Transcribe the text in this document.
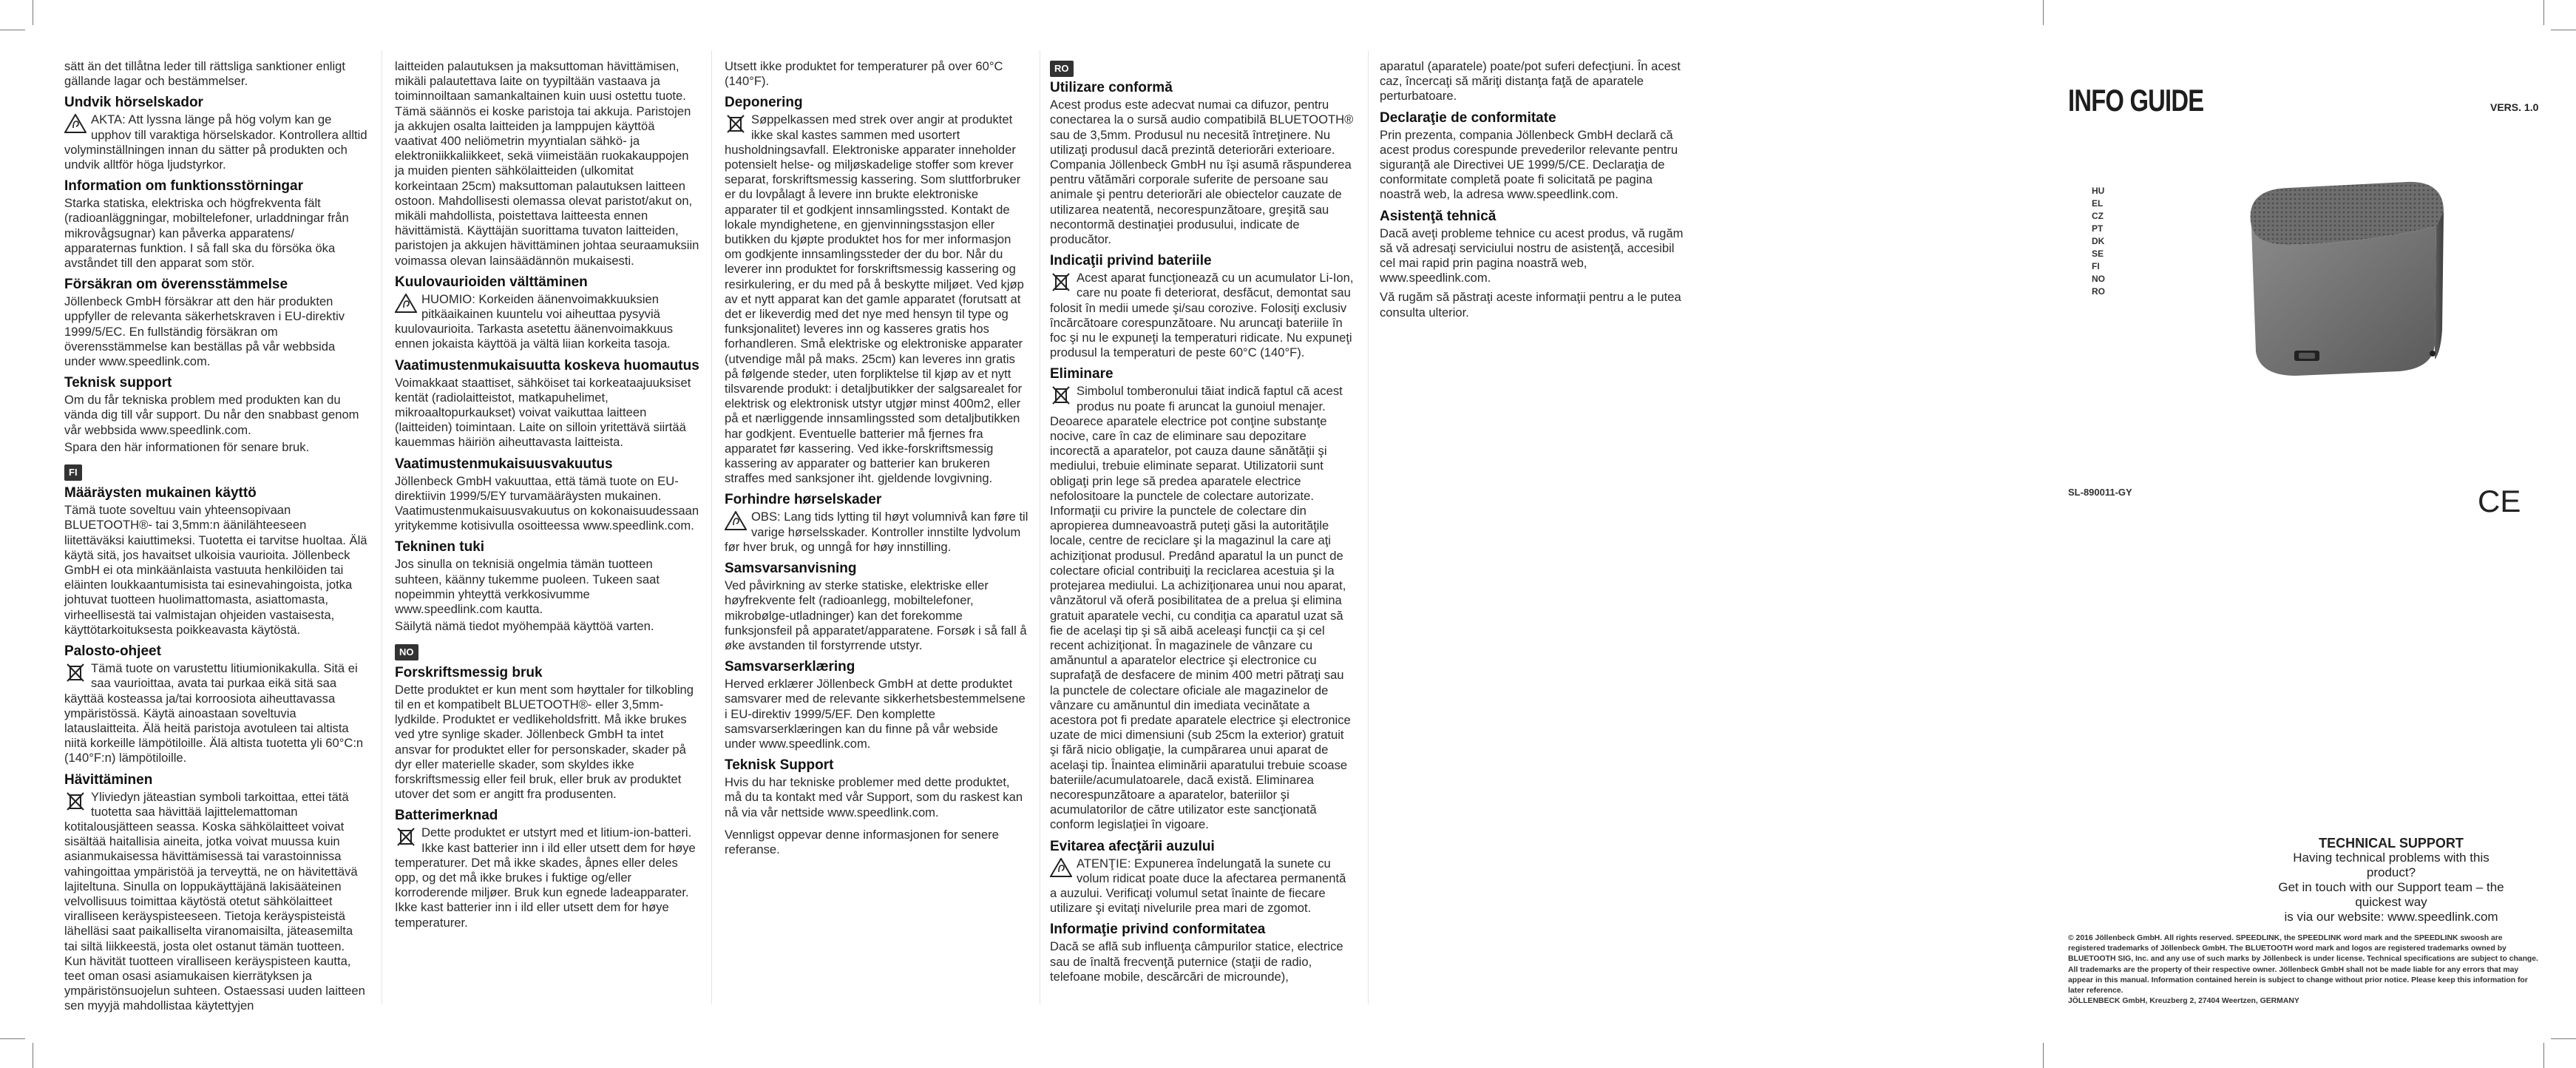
sätt än det tillåtna leder till rättsliga sanktioner enligt gällande lagar och bestämmelser.

Undvik hörselskador

AKTA: Att lyssna länge på hög volym kan ge upphov till varaktiga hörselskador. Kontrollera alltid volyminställningen innan du sätter på produkten och undvik alltför höga ljudstyrkor.

Information om funktionsstörningar

Starka statiska, elektriska och högfrekventa fält (radioanläggningar, mobiltelefoner, urladdningar från mikrovågsugnar) kan påverka apparatens/ apparaternas funktion. I så fall ska du försöka öka avståndet till den apparat som stör.

Försäkran om överensstämmelse

Jöllenbeck GmbH försäkrar att den här produkten uppfyller de relevanta säkerhetskraven i EU-direktiv 1999/5/EC. En fullständig försäkran om överensstämmelse kan beställas på vår webbsida under www.speedlink.com.

Teknisk support

Om du får tekniska problem med produkten kan du vända dig till vår support. Du når den snabbast genom vår webbsida www.speedlink.com.

Spara den här informationen för senare bruk.

FI
Määräysten mukainen käyttö

Tämä tuote soveltuu vain yhteensopivaan BLUETOOTH®- tai 3,5mm:n äänilähteeseen liitettäväksi kaiuttimeksi. Tuotetta ei tarvitse huoltaa. Älä käytä sitä, jos havaitset ulkoisia vaurioita. Jöllenbeck GmbH ei ota minkäänlaista vastuuta henkilöiden tai eläinten loukkaantumisista tai esinevahingoista, jotka johtuvat tuotteen huolimattomasta, asiattomasta, virheellisestä tai valmistajan ohjeiden vastaisesta, käyttötarkoituksesta poikkeavasta käytöstä.

Palosto-ohjeet

Tämä tuote on varustettu litiumionikakulla. Sitä ei saa vaurioittaa, avata tai purkaa eikä sitä saa käyttää kosteassa ja/tai korroosiota aiheuttavassa ympäristössä. Käytä ainoastaan soveltuvia latauslaitteita. Älä heitä paristoja avotuleen tai altista niitä korkeille lämpötiloille. Älä altista tuotetta yli 60°C:n (140°F:n) lämpötiloille.

Hävittäminen

Yliviedyn jäteastian symboli tarkoittaa, ettei tätä tuotetta saa hävittää lajittelemattoman kotitalousjätteen seassa. Koska sähkölaitteet voivat sisältää haitallisia aineita, jotka voivat muussa kuin asianmukaisessa hävittämisessä tai varastoinnissa vahingoittaa ympäristöä ja terveyttä, ne on hävitettävä lajiteltuna. Sinulla on loppukäyttäjänä lakisääteinen velvollisuus toimittaa käytöstä otetut sähkölaitteet viralliseen keräyspisteeseen. Tietoja keräyspisteistä lähelläsi saat paikalliselta viranomaisilta, jäteasemilta tai siltä liikkeestä, josta olet ostanut tämän tuotteen. Kun hävität tuotteen viralliseen keräyspisteen kautta, teet oman osasi asiamukaisen kierrätyksen ja ympäristönsuojelun suhteen. Ostaessasi uuden laitteen sen myyjä mahdollistaa käytettyjen

laitteiden palautuksen ja maksuttoman hävittämisen, mikäli palautettava laite on tyypiltään vastaava ja toiminnoiltaan samankaltainen kuin uusi ostettu tuote. Tämä säännös ei koske paristoja tai akkuja. Paristojen ja akkujen osalta laitteiden ja lamppujen käyttöä vaativat 400 neliömetrin myyntialan sähkö- ja elektroniikkaliikkeet, sekä viimeistään ruokakauppojen ja muiden pienten sähkölaitteiden (ulkomitat korkeintaan 25cm) maksuttoman palautuksen laitteen ostoon. Mahdollisesti olemassa olevat paristot/akut on, mikäli mahdollista, poistettava laitteesta ennen hävittämistä. Käyttäjän suorittama tuvaton laitteiden, paristojen ja akkujen hävittäminen johtaa seuraamuksiin voimassa olevan lainsäädännön mukaisesti.

Kuulovaurioiden välttäminen

HUOMIO: Korkeiden äänenvoimakkuuksien pitkäaikainen kuuntelu voi aiheuttaa pysyviä kuulovaurioita. Tarkasta asetettu äänenvoimakkuus ennen jokaista käyttöä ja vältä liian korkeita tasoja.

Vaatimustenmukaisuutta koskeva huomautus

Voimakkaat staattiset, sähköiset tai korkeataajuuksiset kentät (radiolaitteistot, matkapuhelimet, mikroaaltopurkaukset) voivat vaikuttaa laitteen (laitteiden) toimintaan. Laite on silloin yritettävä siirtää kauemmas häiriön aiheuttavasta laitteista.

Vaatimustenmukaisuusvakuutus

Jöllenbeck GmbH vakuuttaa, että tämä tuote on EU-direktiivin 1999/5/EY turvamääräysten mukainen. Vaatimustenmukaisuusvakuutus on kokonaisuudessaan yritykemme kotisivulla osoitteessa www.speedlink.com.

Tekninen tuki

Jos sinulla on teknisiä ongelmia tämän tuotteen suhteen, käänny tukemme puoleen. Tukeen saat nopeimmin yhteyttä verkkosivumme www.speedlink.com kautta.

Säilytä nämä tiedot myöhempää käyttöä varten.

NO
Forskriftsmessig bruk

Dette produktet er kun ment som høyttaler for tilkobling til en et kompatibelt BLUETOOTH®- eller 3,5mm-lydkilde. Produktet er vedlikeholdsfritt. Må ikke brukes ved ytre synlige skader. Jöllenbeck GmbH ta intet ansvar for produktet eller for personskader, skader på dyr eller materielle skader, som skyldes ikke forskriftsmessig eller feil bruk, eller bruk av produktet utover det som er angitt fra produsenten.

Batterimerknad

Dette produktet er utstyrt med et litium-ion-batteri. Ikke kast batterier inn i ild eller utsett dem for høye temperaturer. Det må ikke skades, åpnes eller deles opp, og det må ikke brukes i fuktige og/eller korroderende miljøer. Bruk kun egnede ladeapparater. Ikke kast batterier inn i ild eller utsett dem for høye temperaturer.

Utsett ikke produktet for temperaturer på over 60°C (140°F).

Deponering

Søppelkassen med strek over angir at produktet ikke skal kastes sammen med usortert husholdningsavfall. Elektroniske apparater inneholder potensielt helse- og miljøskadelige stoffer som krever separat, forskriftsmessig kassering. Som sluttforbruker er du lovpålagt å levere inn brukte elektroniske apparater til et godkjent innsamlingssted. Kontakt de lokale myndighetene, en gjenvinningsstasjon eller butikken du kjøpte produktet hos for mer informasjon om godkjente innsamlingssteder der du bor. Når du leverer inn produktet for forskriftsmessig kassering og resirkulering, er du med på å beskytte miljøet. Ved kjøp av et nytt apparat kan det gamle apparatet (forutsatt at det er likeverdig med det nye med hensyn til type og funksjonalitet) leveres inn og kasseres gratis hos forhandleren. Små elektriske og elektroniske apparater (utvendige mål på maks. 25cm) kan leveres inn gratis på følgende steder, uten forpliktelse til kjøp av et nytt tilsvarende produkt: i detaljbutikker der salgsarealet for elektrisk og elektronisk utstyr utgjør minst 400m2, eller på et nærliggende innsamlingssted som detaljbutikken har godkjent. Eventuelle batterier må fjernes fra apparatet før kassering. Ved ikke-forskriftsmessig kassering av apparater og batterier kan brukeren straffes med sanksjoner iht. gjeldende lovgivning.

Forhindre hørselskader

OBS: Lang tids lytting til høyt volumnivå kan føre til varige hørselsskader. Kontroller innstilte lydvolum før hver bruk, og unngå for høy innstilling.

Samsvarsanvisning

Ved påvirkning av sterke statiske, elektriske eller høyfrekvente felt (radioanlegg, mobiltelefoner, mikrobølge-utladninger) kan det forekomme funksjonsfeil på apparatet/apparatene. Forsøk i så fall å øke avstanden til forstyrrende utstyr.

Samsvarserklæring

Herved erklærer Jöllenbeck GmbH at dette produktet samsvarer med de relevante sikkerhetsbestemmelsene i EU-direktiv 1999/5/EF. Den komplette samsvarserklæringen kan du finne på vår webside under www.speedlink.com.

Teknisk Support

Hvis du har tekniske problemer med dette produktet, må du ta kontakt med vår Support, som du raskest kan nå via vår nettside www.speedlink.com.

Vennligst oppevar denne informasjonen for senere referanse.

RO
Utilizare conformă

Acest produs este adecvat numai ca difuzor, pentru conectarea la o sursă audio compatibilă BLUETOOTH® sau de 3,5mm. Produsul nu necesită întreţinere. Nu utilizaţi produsul dacă prezintă deteriorări exterioare. Compania Jöllenbeck GmbH nu îşi asumă răspunderea pentru vătămări corporale suferite de persoane sau animale şi pentru deteriorări ale obiectelor cauzate de utilizarea neatentă, necorespunzătoare, greşită sau necontormă destinaţiei produsului, indicate de producător.

Indicaţii privind bateriile

Acest aparat funcţionează cu un acumulator Li-Ion, care nu poate fi deteriorat, desfăcut, demontat sau folosit în medii umede şi/sau corozive. Folosiţi exclusiv încărcătoare corespunzătoare. Nu aruncaţi bateriile în foc şi nu le expuneţi la temperaturi ridicate. Nu expuneţi produsul la temperaturi de peste 60°C (140°F).

Eliminare

Simbolul tomberonului tăiat indică faptul că acest produs nu poate fi aruncat la gunoiul menajer. Deoarece aparatele electrice pot conţine substanţe nocive, care în caz de eliminare sau depozitare incorectă a aparatelor, pot cauza daune sănătăţii şi mediului, trebuie eliminate separat. Utilizatorii sunt obligaţi prin lege să predea aparatele electrice nefolositoare la punctele de colectare autorizate. Informaţii cu privire la punctele de colectare din apropierea dumneavoastră puteţi găsi la autorităţile locale, centre de reciclare şi la magazinul la care aţi achiziţionat produsul. Predând aparatul la un punct de colectare oficial contribuiţi la reciclarea acestuia şi la protejarea mediului. La achiziţionarea unui nou aparat, vânzătorul vă oferă posibilitatea de a prelua şi elimina gratuit aparatele vechi, cu condiţia ca aparatul uzat să fie de acelaşi tip şi să aibă aceleaşi funcţii ca şi cel recent achiziţionat. În magazinele de vânzare cu amănuntul a aparatelor electrice şi electronice cu suprafaţă de desfacere de minim 400 metri pătraţi sau la punctele de colectare oficiale ale magazinelor de vânzare cu amănuntul din imediata vecinătate a acestora pot fi predate aparatele electrice şi electronice uzate de mici dimensiuni (sub 25cm la exterior) gratuit şi fără nicio obligaţie, la cumpărarea unui aparat de acelaşi tip. Înaintea eliminării aparatului trebuie scoase bateriile/acumulatoarele, dacă există. Eliminarea necorespunzătoare a aparatelor, bateriilor şi acumulatorilor de către utilizator este sancţionată conform legislaţiei în vigoare.

Evitarea afecţării auzului

ATENŢIE: Expunerea îndelungată la sunete cu volum ridicat poate duce la afectarea permanentă a auzului. Verificaţi volumul setat înainte de fiecare utilizare şi evitaţi nivelurile prea mari de zgomot.

Informaţie privind conformitatea

Dacă se află sub influenţa câmpurilor statice, electrice sau de înaltă frecvenţă puternice (staţii de radio, telefoane mobile, descărcări de microunde),

aparatul (aparatele) poate/pot suferi defecţiuni. În acest caz, încercaţi să măriţi distanţa faţă de aparatele perturbatoare.

Declaraţie de conformitate

Prin prezenta, compania Jöllenbeck GmbH declară că acest produs corespunde prevederilor relevante pentru siguranţă ale Directivei UE 1999/5/CE. Declaraţia de conformitate completă poate fi solicitată pe pagina noastră web, la adresa www.speedlink.com.

Asistenţă tehnică

Dacă aveţi probleme tehnice cu acest produs, vă rugăm să vă adresaţi serviciului nostru de asistenţă, accesibil cel mai rapid prin pagina noastră web, www.speedlink.com.

Vă rugăm să păstraţi aceste informaţii pentru a le putea consulta ulterior.

INFO GUIDE	VERS. 1.0
HU
EL
CZ
PT
DK
SE
FI
NO
RO
SL-890011-GY	CE
TECHNICAL SUPPORT
Having technical problems with this product?
Get in touch with our Support team – the quickest way
is via our website: www.speedlink.com
© 2016 Jöllenbeck GmbH. All rights reserved. SPEEDLINK, the SPEEDLINK word mark and the SPEEDLINK swoosh are registered trademarks of Jöllenbeck GmbH. The BLUETOOTH word mark and logos are registered trademarks owned by BLUETOOTH SIG, Inc. and any use of such marks by Jöllenbeck is under license. Technical specifications are subject to change. All trademarks are the property of their respective owner. Jöllenbeck GmbH shall not be made liable for any errors that may appear in this manual. Information contained herein is subject to change without prior notice. Please keep this information for later reference.
JÖLLENBECK GmbH, Kreuzberg 2, 27404 Weertzen, GERMANY
